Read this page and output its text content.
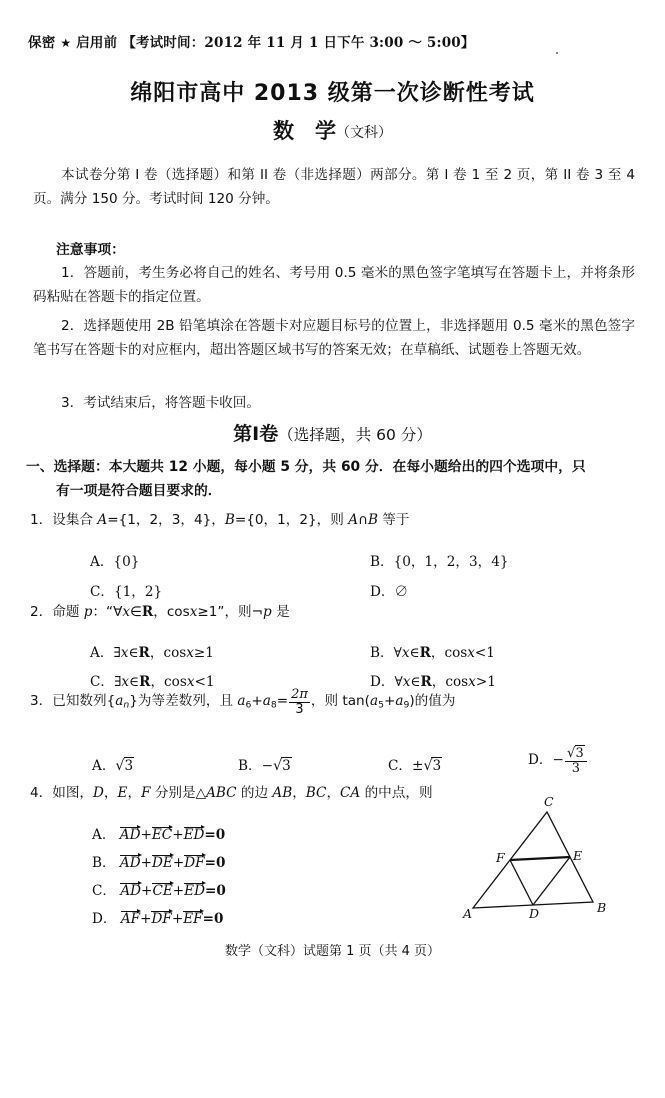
保密 ★ 启用前 【考试时间：2012 年 11 月 1 日下午 3:00 ～ 5:00】
绵阳市高中 2013 级第一次诊断性考试
数　学（文科）
本试卷分第 I 卷（选择题）和第 II 卷（非选择题）两部分。第 I 卷 1 至 2 页，第 II 卷 3 至 4 页。满分 150 分。考试时间 120 分钟。
注意事项：
1．答题前，考生务必将自己的姓名、考号用 0.5 毫米的黑色签字笔填写在答题卡上，并将条形码粘贴在答题卡的指定位置。
2．选择题使用 2B 铅笔填涂在答题卡对应题目标号的位置上，非选择题用 0.5 毫米的黑色签字笔书写在答题卡的对应框内，超出答题区域书写的答案无效；在草稿纸、试题卷上答题无效。
3．考试结束后，将答题卡收回。
第Ⅰ卷（选择题，共 60 分）
一、选择题：本大题共 12 小题，每小题 5 分，共 60 分．在每小题给出的四个选项中，只
有一项是符合题目要求的．
1．设集合 A={1，2，3，4}，B={0，1，2}，则 A∩B 等于
A．{0}	B．{0，1，2，3，4}
C．{1，2}	D．∅
2．命题 p：“∀x∈R，cosx≥1”，则¬p 是
A．∃x∈R，cosx≥1	B．∀x∈R，cosx<1
C．∃x∈R，cosx<1	D．∀x∈R，cosx>1
3．已知数列$\{a_n\}$为等差数列，且 $a_6+a_8= \frac{2\pi}{3}$ ，则 $\tan(a_5+a_9)$的值为
A．√3	B．−√3	C．±√3	D．− $\frac{√3}{3}$
4．如图，D，E，F 分别是△ABC 的边 AB，BC，CA 的中点，则
A． AD+
EC+
ED=0
B． AD+
DE+
DF=0
C． AD+
CE+
ED=0
D． AF+
DF+
EF=0	A	B
C
D
E
F
数学（文科）试题第 1 页（共 4 页）
